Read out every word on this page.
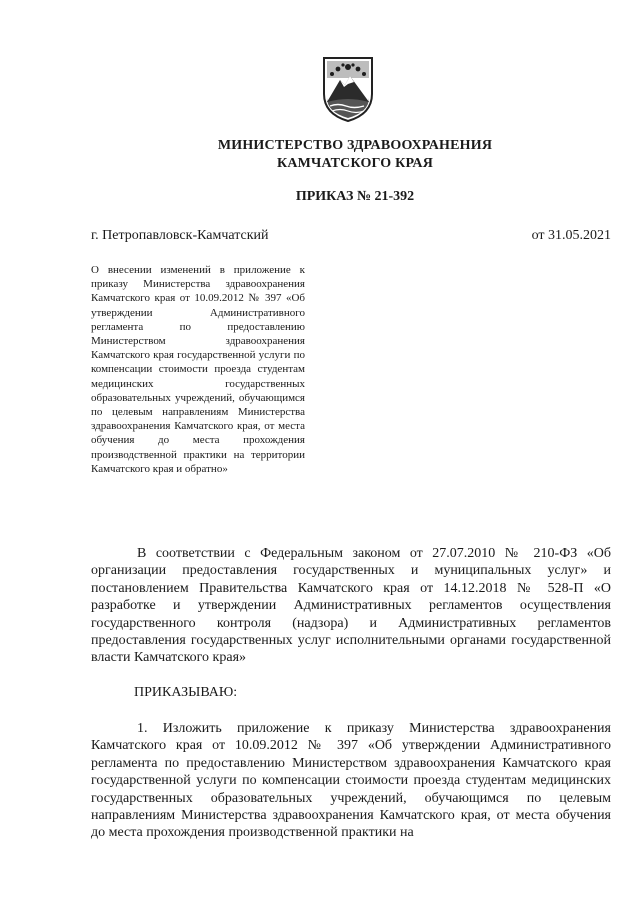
МИНИСТЕРСТВО ЗДРАВООХРАНЕНИЯ
КАМЧАТСКОГО КРАЯ
ПРИКАЗ № 21-392
г. Петропавловск-Камчатский	от 31.05.2021
О внесении изменений в приложение к приказу Министерства здравоохранения Камчатского края от 10.09.2012 № 397 «Об утверждении Административного регламента по предоставлению Министерством здравоохранения Камчатского края государственной услуги по компенсации стоимости проезда студентам медицинских государственных образовательных учреждений, обучающимся по целевым направлениям Министерства здравоохранения Камчатского края, от места обучения до места прохождения производственной практики на территории Камчатского края и обратно»
В соответствии с Федеральным законом от 27.07.2010 № 210-ФЗ «Об организации предоставления государственных и муниципальных услуг» и постановлением Правительства Камчатского края от 14.12.2018 № 528-П «О разработке и утверждении Административных регламентов осуществления государственного контроля (надзора) и Административных регламентов предоставления государственных услуг исполнительными органами государственной власти Камчатского края»
ПРИКАЗЫВАЮ:
1. Изложить приложение к приказу Министерства здравоохранения Камчатского края от 10.09.2012 № 397 «Об утверждении Административного регламента по предоставлению Министерством здравоохранения Камчатского края государственной услуги по компенсации стоимости проезда студентам медицинских государственных образовательных учреждений, обучающимся по целевым направлениям Министерства здравоохранения Камчатского края, от места обучения до места прохождения производственной практики на
